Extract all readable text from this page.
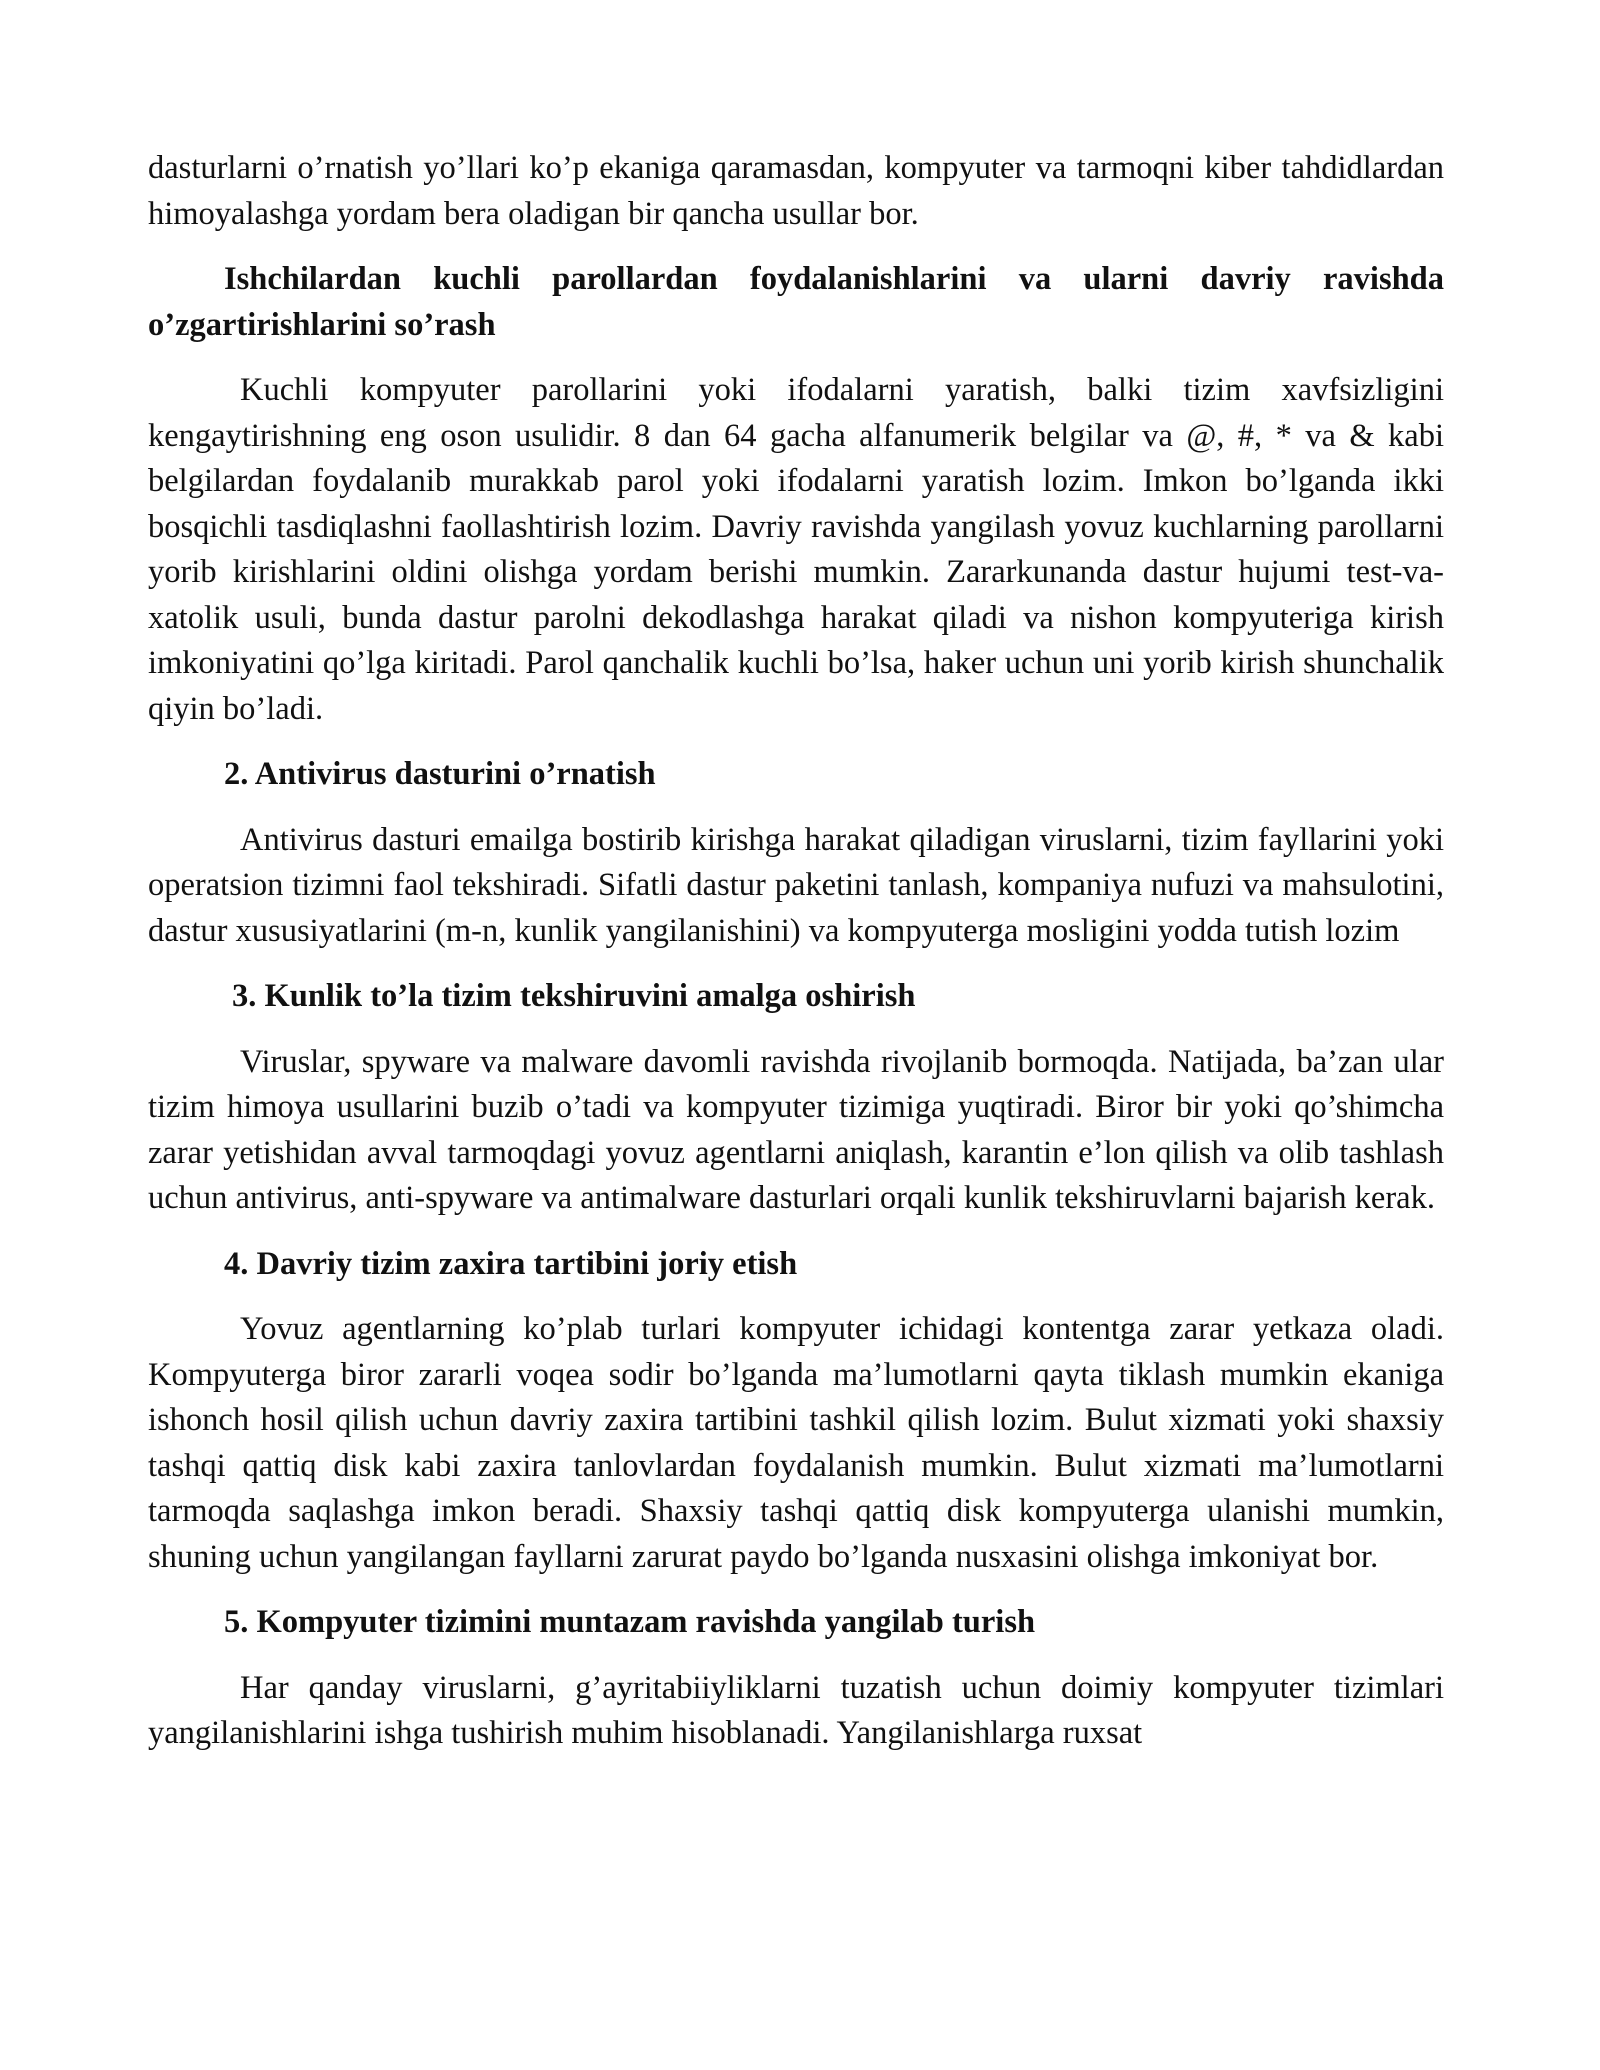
dasturlarni o’rnatish yo’llari ko’p ekaniga qaramasdan, kompyuter va tarmoqni kiber tahdidlardan himoyalashga yordam bera oladigan bir qancha usullar bor.

Ishchilardan kuchli parollardan foydalanishlarini va ularni davriy ravishda o’zgartirishlarini so’rash

Kuchli kompyuter parollarini yoki ifodalarni yaratish, balki tizim xavfsizligini kengaytirishning eng oson usulidir. 8 dan 64 gacha alfanumerik belgilar va @, #, * va & kabi belgilardan foydalanib murakkab parol yoki ifodalarni yaratish lozim. Imkon bo’lganda ikki bosqichli tasdiqlashni faollashtirish lozim. Davriy ravishda yangilash yovuz kuchlarning parollarni yorib kirishlarini oldini olishga yordam berishi mumkin. Zararkunanda dastur hujumi test-va-xatolik usuli, bunda dastur parolni dekodlashga harakat qiladi va nishon kompyuteriga kirish imkoniyatini qo’lga kiritadi. Parol qanchalik kuchli bo’lsa, haker uchun uni yorib kirish shunchalik qiyin bo’ladi.

2. Antivirus dasturini o’rnatish

Antivirus dasturi emailga bostirib kirishga harakat qiladigan viruslarni, tizim fayllarini yoki operatsion tizimni faol tekshiradi. Sifatli dastur paketini tanlash, kompaniya nufuzi va mahsulotini, dastur xususiyatlarini (m-n, kunlik yangilanishini) va kompyuterga mosligini yodda tutish lozim

3. Kunlik to’la tizim tekshiruvini amalga oshirish

Viruslar, spyware va malware davomli ravishda rivojlanib bormoqda. Natijada, ba’zan ular tizim himoya usullarini buzib o’tadi va kompyuter tizimiga yuqtiradi. Biror bir yoki qo’shimcha zarar yetishidan avval tarmoqdagi yovuz agentlarni aniqlash, karantin e’lon qilish va olib tashlash uchun antivirus, anti-spyware va antimalware dasturlari orqali kunlik tekshiruvlarni bajarish kerak.

4. Davriy tizim zaxira tartibini joriy etish

Yovuz agentlarning ko’plab turlari kompyuter ichidagi kontentga zarar yetkaza oladi. Kompyuterga biror zararli voqea sodir bo’lganda ma’lumotlarni qayta tiklash mumkin ekaniga ishonch hosil qilish uchun davriy zaxira tartibini tashkil qilish lozim. Bulut xizmati yoki shaxsiy tashqi qattiq disk kabi zaxira tanlovlardan foydalanish mumkin. Bulut xizmati ma’lumotlarni tarmoqda saqlashga imkon beradi. Shaxsiy tashqi qattiq disk kompyuterga ulanishi mumkin, shuning uchun yangilangan fayllarni zarurat paydo bo’lganda nusxasini olishga imkoniyat bor.

5. Kompyuter tizimini muntazam ravishda yangilab turish

Har qanday viruslarni, g’ayritabiiyliklarni tuzatish uchun doimiy kompyuter tizimlari yangilanishlarini ishga tushirish muhim hisoblanadi. Yangilanishlarga ruxsat
